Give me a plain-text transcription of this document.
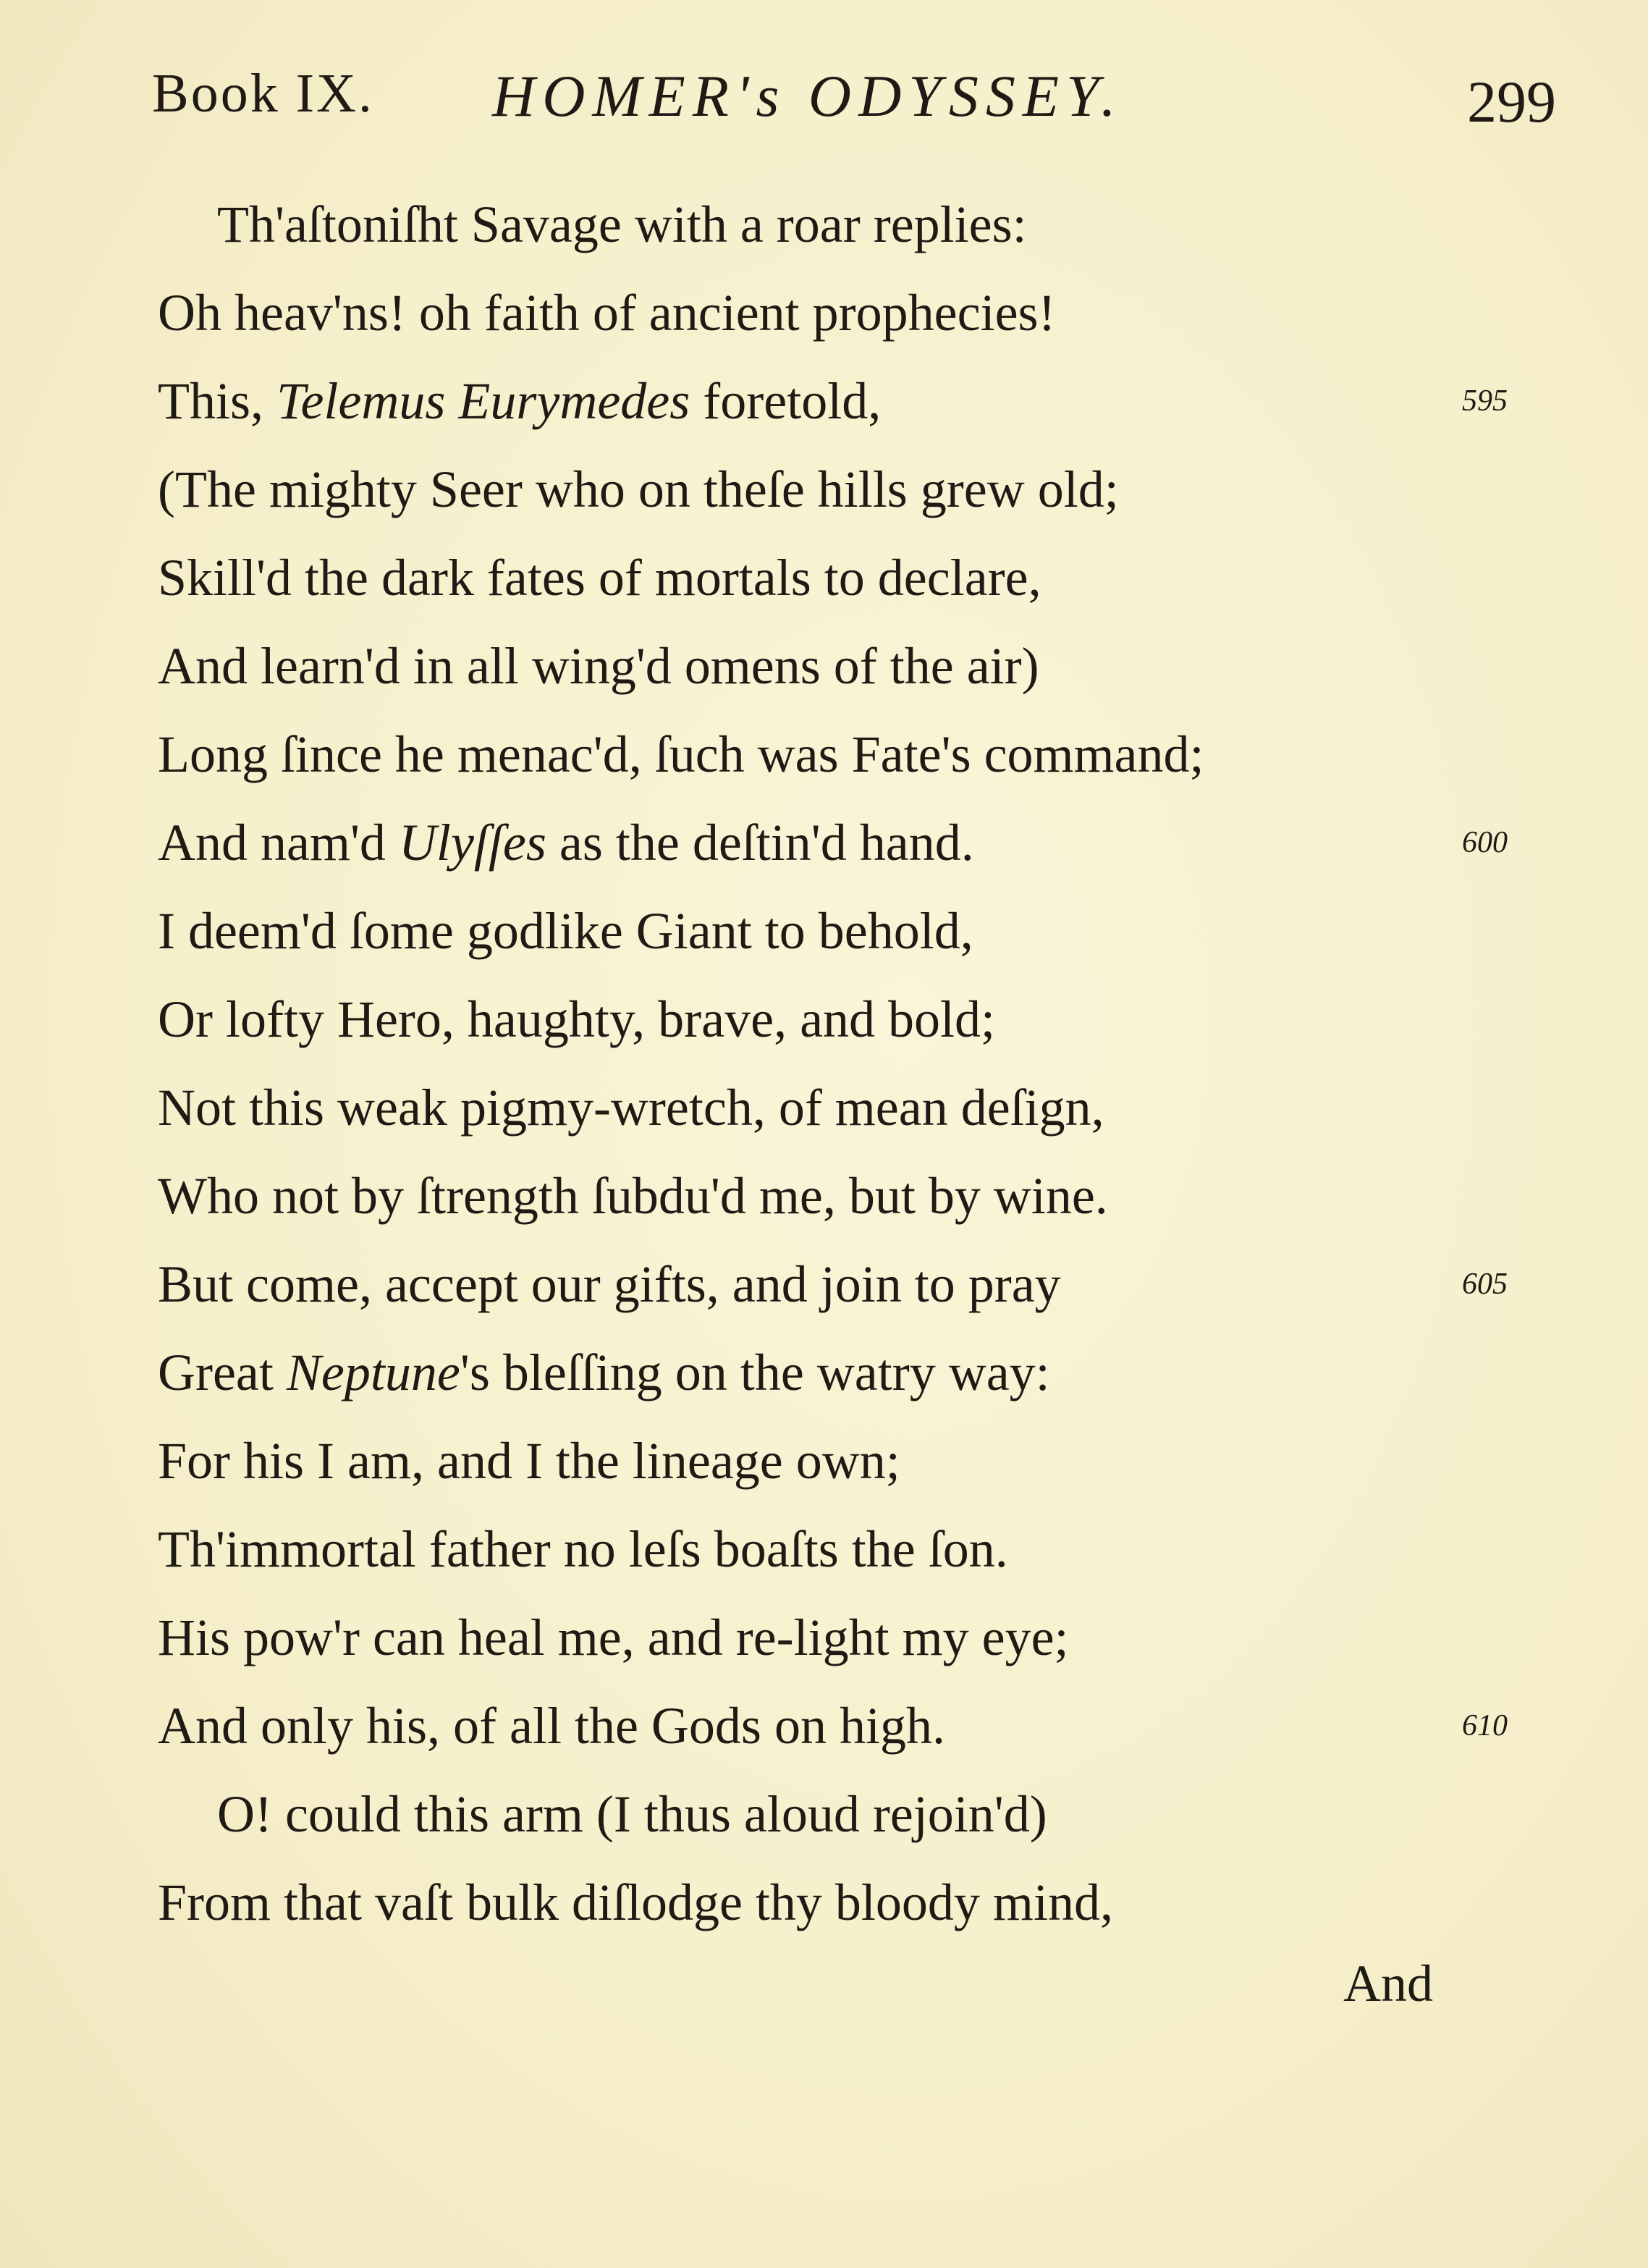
Book IX. HOMER's ODYSSEY.	299
Th'aſtoniſht Savage with a roar replies:
Oh heav'ns! oh faith of ancient prophecies!
This, Telemus Eurymedes foretold,	595
(The mighty Seer who on theſe hills grew old;
Skill'd the dark fates of mortals to declare,
And learn'd in all wing'd omens of the air)
Long ſince he menac'd, ſuch was Fate's command;
And nam'd Ulyſſes as the deſtin'd hand.	600
I deem'd ſome godlike Giant to behold,
Or lofty Hero, haughty, brave, and bold;
Not this weak pigmy-wretch, of mean deſign,
Who not by ſtrength ſubdu'd me, but by wine.
But come, accept our gifts, and join to pray	605
Great Neptune's bleſſing on the watry way:
For his I am, and I the lineage own;
Th'immortal father no leſs boaſts the ſon.
His pow'r can heal me, and re-light my eye;
And only his, of all the Gods on high.	610
O! could this arm (I thus aloud rejoin'd)
From that vaſt bulk diſlodge thy bloody mind,
And
